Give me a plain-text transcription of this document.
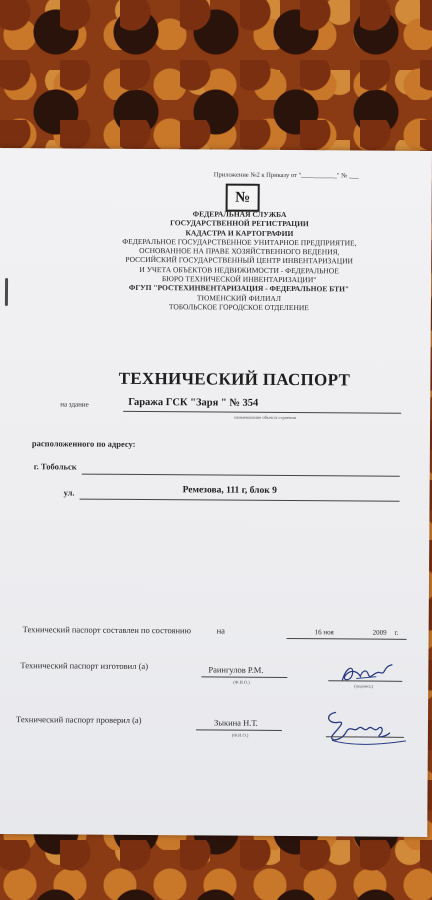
Приложение №2 к Приказу от "___________" № ___
№
ФЕДЕРАЛЬНАЯ СЛУЖБА
ГОСУДАРСТВЕННОЙ РЕГИСТРАЦИИ
КАДАСТРА И КАРТОГРАФИИ
ФЕДЕРАЛЬНОЕ ГОСУДАРСТВЕННОЕ УНИТАРНОЕ ПРЕДПРИЯТИЕ,
ОСНОВАННОЕ НА ПРАВЕ ХОЗЯЙСТВЕННОГО ВЕДЕНИЯ,
РОССИЙСКИЙ ГОСУДАРСТВЕННЫЙ ЦЕНТР ИНВЕНТАРИЗАЦИИ
И УЧЕТА ОБЪЕКТОВ НЕДВИЖИМОСТИ - ФЕДЕРАЛЬНОЕ
БЮРО ТЕХНИЧЕСКОЙ ИНВЕНТАРИЗАЦИИ"
ФГУП "РОСТЕХИНВЕНТАРИЗАЦИЯ - ФЕДЕРАЛЬНОЕ БТИ"
ТЮМЕНСКИЙ ФИЛИАЛ
ТОБОЛЬСКОЕ ГОРОДСКОЕ ОТДЕЛЕНИЕ
ТЕХНИЧЕСКИЙ ПАСПОРТ
на здание	Гаража ГСК "Заря " № 354
наименование объекта строения
расположенного по адресу:
г. Тобольск
ул.	Ремезова, 111 г, блок 9
Технический паспорт составлен по состоянию	на	16 ноя	2009 г.
Технический паспорт изготовил (а)	Раингулов Р.М.
(Ф.И.О.)
(подпись)
Технический паспорт проверил (а)	Зыкина Н.Т.
(Ф.И.О.)
